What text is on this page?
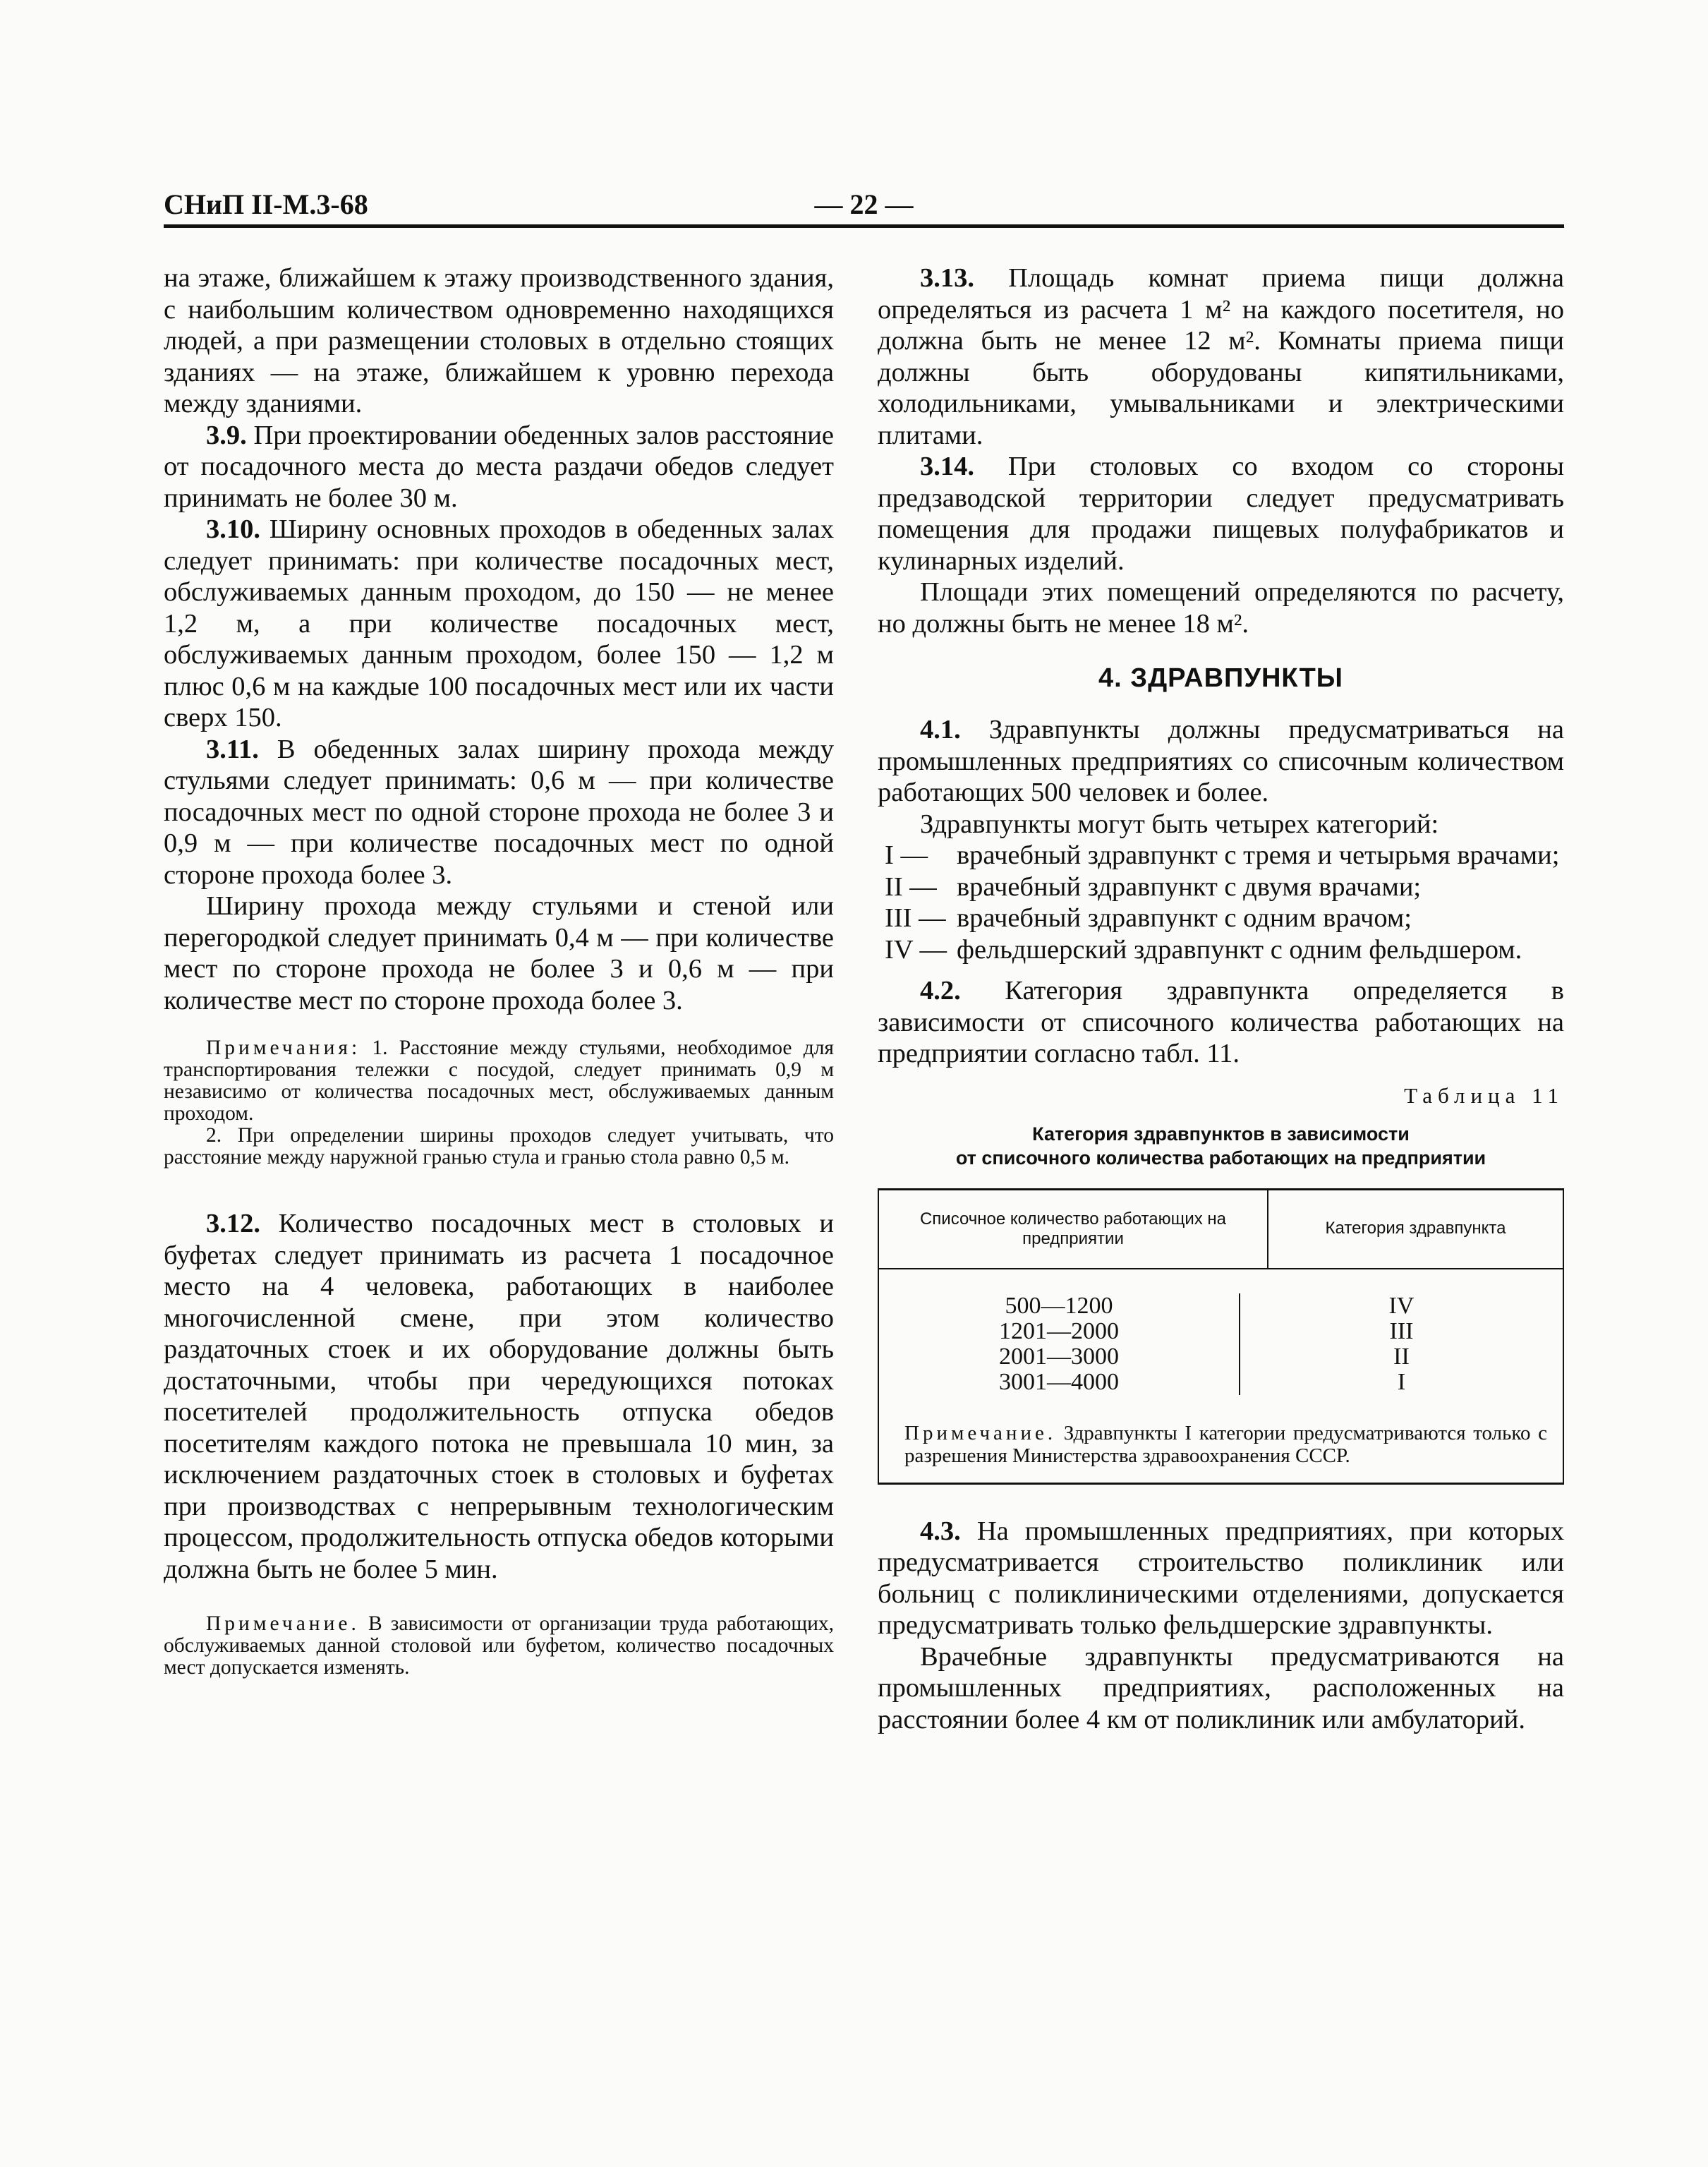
СНиП II-М.3-68	— 22 —

на этаже, ближайшем к этажу производственного здания, с наибольшим количеством одновременно находящихся людей, а при размещении столовых в отдельно стоящих зданиях — на этаже, ближайшем к уровню перехода между зданиями.

3.9. При проектировании обеденных залов расстояние от посадочного места до места раздачи обедов следует принимать не более 30 м.

3.10. Ширину основных проходов в обеденных залах следует принимать: при количестве посадочных мест, обслуживаемых данным проходом, до 150 — не менее 1,2 м, а при количестве посадочных мест, обслуживаемых данным проходом, более 150 — 1,2 м плюс 0,6 м на каждые 100 посадочных мест или их части сверх 150.

3.11. В обеденных залах ширину прохода между стульями следует принимать: 0,6 м — при количестве посадочных мест по одной стороне прохода не более 3 и 0,9 м — при количестве посадочных мест по одной стороне прохода более 3.

Ширину прохода между стульями и стеной или перегородкой следует принимать 0,4 м — при количестве мест по стороне прохода не более 3 и 0,6 м — при количестве мест по стороне прохода более 3.

Примечания: 1. Расстояние между стульями, необходимое для транспортирования тележки с посудой, следует принимать 0,9 м независимо от количества посадочных мест, обслуживаемых данным проходом.

2. При определении ширины проходов следует учитывать, что расстояние между наружной гранью стула и гранью стола равно 0,5 м.

3.12. Количество посадочных мест в столовых и буфетах следует принимать из расчета 1 посадочное место на 4 человека, работающих в наиболее многочисленной смене, при этом количество раздаточных стоек и их оборудование должны быть достаточными, чтобы при чередующихся потоках посетителей продолжительность отпуска обедов посетителям каждого потока не превышала 10 мин, за исключением раздаточных стоек в столовых и буфетах при производствах с непрерывным технологическим процессом, продолжительность отпуска обедов которыми должна быть не более 5 мин.

Примечание. В зависимости от организации труда работающих, обслуживаемых данной столовой или буфетом, количество посадочных мест допускается изменять.

3.13. Площадь комнат приема пищи должна определяться из расчета 1 м² на каждого посетителя, но должна быть не менее 12 м². Комнаты приема пищи должны быть оборудованы кипятильниками, холодильниками, умывальниками и электрическими плитами.

3.14. При столовых со входом со стороны предзаводской территории следует предусматривать помещения для продажи пищевых полуфабрикатов и кулинарных изделий.

Площади этих помещений определяются по расчету, но должны быть не менее 18 м².

4. ЗДРАВПУНКТЫ

4.1. Здравпункты должны предусматриваться на промышленных предприятиях со списочным количеством работающих 500 человек и более.

Здравпункты могут быть четырех категорий:

I —	врачебный здравпункт с тремя и четырьмя врачами;
II — врачебный здравпункт с двумя врачами;
III — врачебный здравпункт с одним врачом;
IV — фельдшерский здравпункт с одним фельдшером.

4.2. Категория здравпункта определяется в зависимости от списочного количества работающих на предприятии согласно табл. 11.

Таблица 11

Категория здравпунктов в зависимости
от списочного количества работающих на предприятии

Списочное количество работающих на предприятии
Категория здравпункта
500—1200
1201—2000
2001—3000
3001—4000
IV
III
II
I
Примечание. Здравпункты I категории предусматриваются только с разрешения Министерства здравоохранения СССР.

4.3. На промышленных предприятиях, при которых предусматривается строительство поликлиник или больниц с поликлиническими отделениями, допускается предусматривать только фельдшерские здравпункты.

Врачебные здравпункты предусматриваются на промышленных предприятиях, расположенных на расстоянии более 4 км от поликлиник или амбулаторий.
